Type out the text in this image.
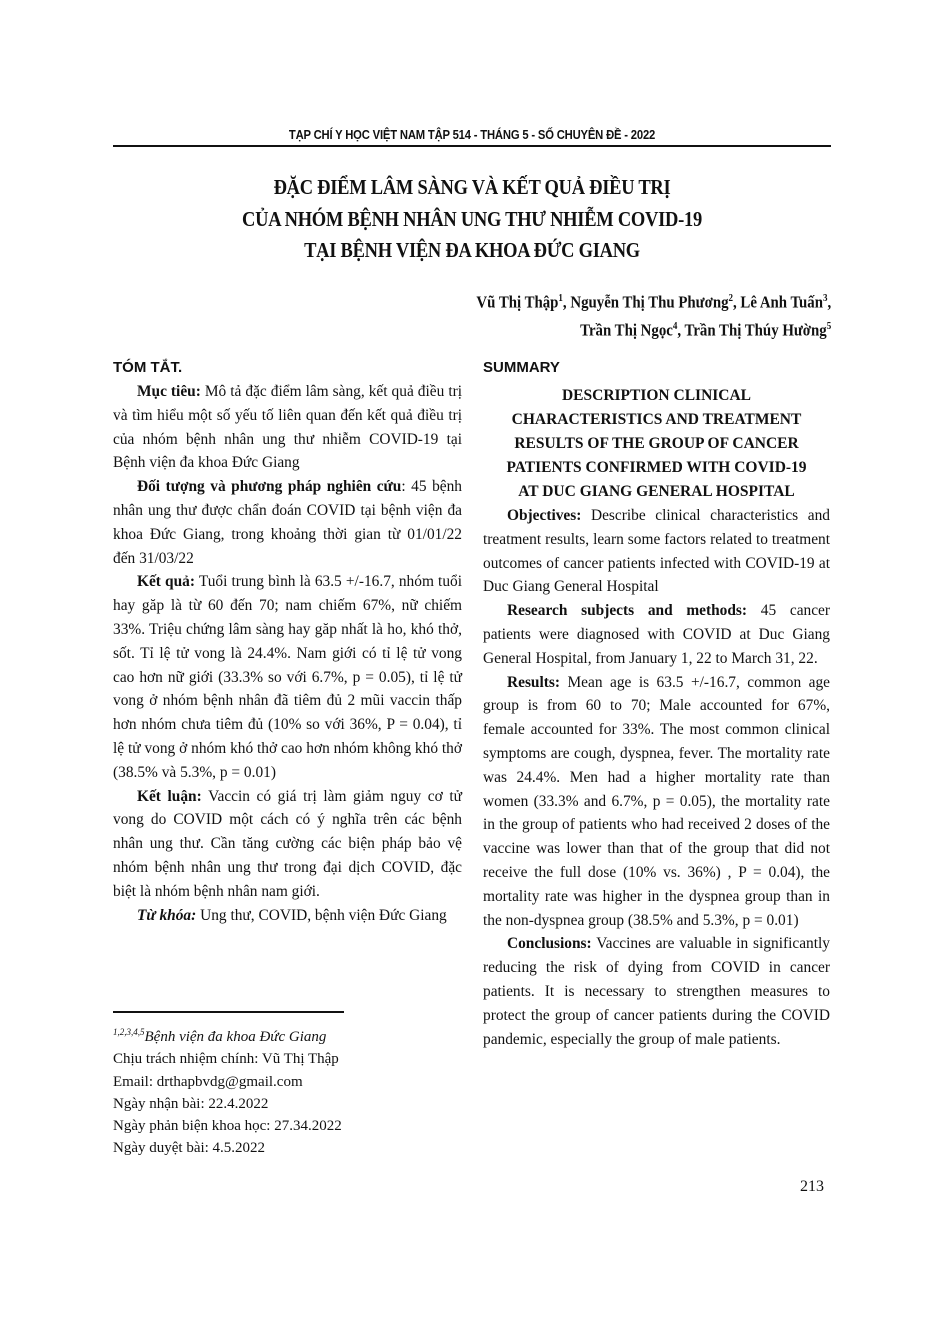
TẠP CHÍ Y HỌC VIỆT NAM TẬP 514 - THÁNG 5 - SỐ CHUYÊN ĐỀ - 2022
ĐẶC ĐIỂM LÂM SÀNG VÀ KẾT QUẢ ĐIỀU TRỊ
CỦA NHÓM BỆNH NHÂN UNG THƯ NHIỄM COVID-19
TẠI BỆNH VIỆN ĐA KHOA ĐỨC GIANG
Vũ Thị Thập$^1$, Nguyễn Thị Thu Phương$^2$, Lê Anh Tuấn$^3$,
Trần Thị Ngọc$^4$, Trần Thị Thúy Hường$^5$
TÓM TẮT.

Mục tiêu: Mô tả đặc điểm lâm sàng, kết quả điều trị và tìm hiểu một số yếu tố liên quan đến kết quả điều trị của nhóm bệnh nhân ung thư nhiễm COVID-19 tại Bệnh viện đa khoa Đức Giang

Đối tượng và phương pháp nghiên cứu: 45 bệnh nhân ung thư được chẩn đoán COVID tại bệnh viện đa khoa Đức Giang, trong khoảng thời gian từ 01/01/22 đến 31/03/22

Kết quả: Tuổi trung bình là 63.5 +/-16.7, nhóm tuổi hay găp là từ 60 đến 70; nam chiếm 67%, nữ chiếm 33%. Triệu chứng lâm sàng hay găp nhất là ho, khó thở, sốt. Tỉ lệ tử vong là 24.4%. Nam giới có tỉ lệ tử vong cao hơn nữ giới (33.3% so với 6.7%, p = 0.05), tỉ lệ tử vong ở nhóm bệnh nhân đã tiêm đủ 2 mũi vaccin thấp hơn nhóm chưa tiêm đủ (10% so với 36%, P = 0.04), tỉ lệ tử vong ở nhóm khó thở cao hơn nhóm không khó thở (38.5% và 5.3%, p = 0.01)

Kết luận: Vaccin có giá trị làm giảm nguy cơ tử vong do COVID một cách có ý nghĩa trên các bệnh nhân ung thư. Cần tăng cường các biện pháp bảo vệ nhóm bệnh nhân ung thư trong đại dịch COVID, đặc biệt là nhóm bệnh nhân nam giới.

Từ khóa: Ung thư, COVID, bệnh viện Đức Giang

$^{1,2,3,4,5}$Bệnh viện đa khoa Đức Giang
Chịu trách nhiệm chính: Vũ Thị Thập
Email: drthapbvdg@gmail.com
Ngày nhận bài: 22.4.2022
Ngày phản biện khoa học: 27.34.2022
Ngày duyệt bài: 4.5.2022
SUMMARY
DESCRIPTION CLINICAL
CHARACTERISTICS AND TREATMENT
RESULTS OF THE GROUP OF CANCER
PATIENTS CONFIRMED WITH COVID-19
AT DUC GIANG GENERAL HOSPITAL

Objectives: Describe clinical characteristics and treatment results, learn some factors related to treatment outcomes of cancer patients infected with COVID-19 at Duc Giang General Hospital

Research subjects and methods: 45 cancer patients were diagnosed with COVID at Duc Giang General Hospital, from January 1, 22 to March 31, 22.

Results: Mean age is 63.5 +/-16.7, common age group is from 60 to 70; Male accounted for 67%, female accounted for 33%. The most common clinical symptoms are cough, dyspnea, fever. The mortality rate was 24.4%. Men had a higher mortality rate than women (33.3% and 6.7%, p = 0.05), the mortality rate in the group of patients who had received 2 doses of the vaccine was lower than that of the group that did not receive the full dose (10% vs. 36%) , P = 0.04), the mortality rate was higher in the dyspnea group than in the non-dyspnea group (38.5% and 5.3%, p = 0.01)

Conclusions: Vaccines are valuable in significantly reducing the risk of dying from COVID in cancer patients. It is necessary to strengthen measures to protect the group of cancer patients during the COVID pandemic, especially the group of male patients.

213
